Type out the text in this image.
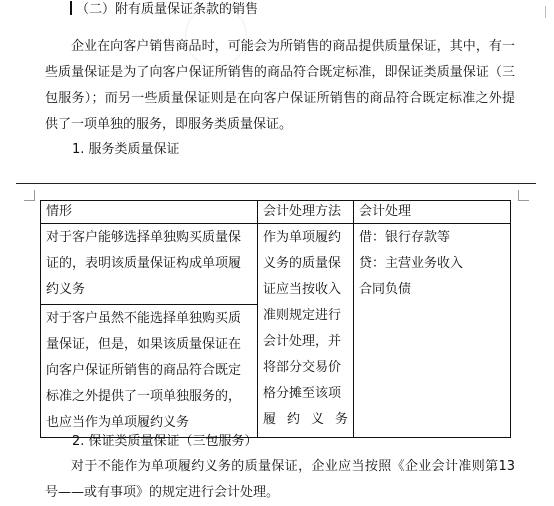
（二）附有质量保证条款的销售
企业在向客户销售商品时，可能会为所销售的商品提供质量保证，其中，有一些质量保证是为了向客户保证所销售的商品符合既定标准，即保证类质量保证（三包服务）；而另一些质量保证则是在向客户保证所销售的商品符合既定标准之外提供了一项单独的服务，即服务类质量保证。
1. 服务类质量保证
情形	会计处理方法	会计处理
对于客户能够选择单独购买质量保证的，表明该质量保证构成单项履约义务	作为单项履约义务的质量保证应当按收入准则规定进行会计处理，并将部分交易价格分摊至该项履约义务	借：银行存款等
贷：主营业务收入
合同负债

对于客户虽然不能选择单独购买质量保证，但是，如果该质量保证在向客户保证所销售的商品符合既定标准之外提供了一项单独服务的，也应当作为单项履约义务		
2. 保证类质量保证（三包服务）
对于不能作为单项履约义务的质量保证，企业应当按照《企业会计准则第13号——或有事项》的规定进行会计处理。
